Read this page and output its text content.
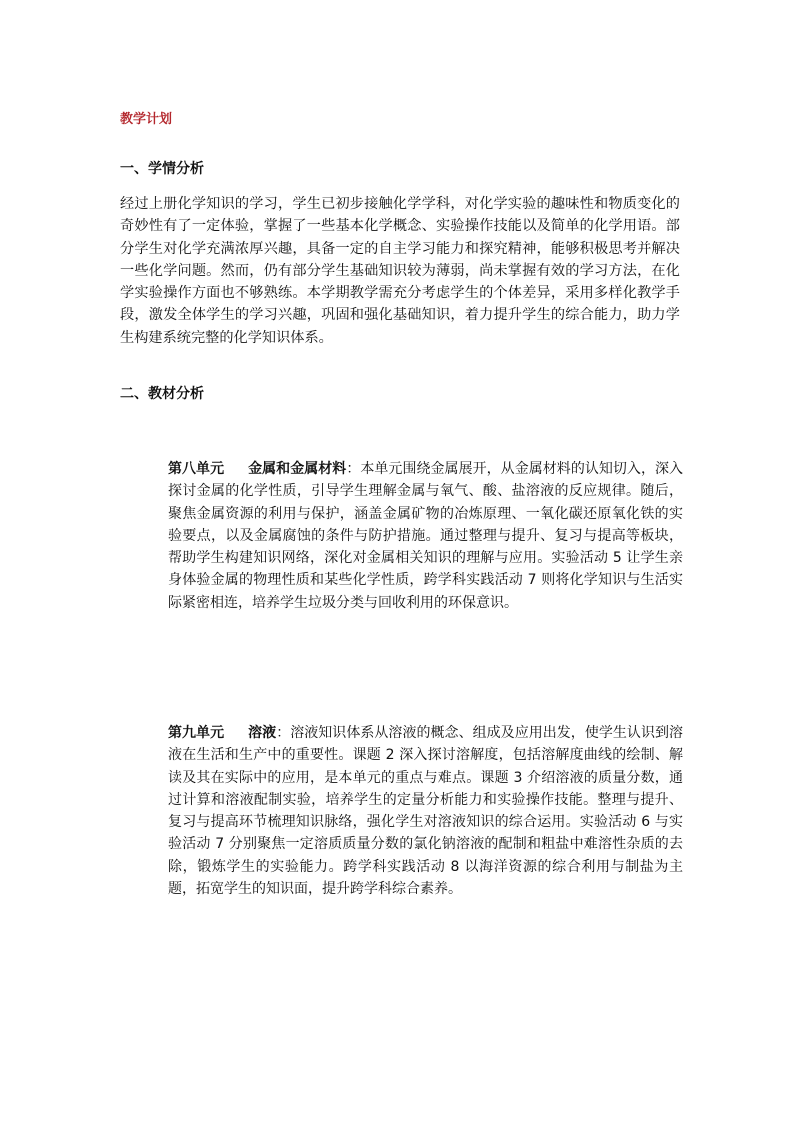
教学计划
一、学情分析

经过上册化学知识的学习，学生已初步接触化学学科，对化学实验的趣味性和物质变化的奇妙性有了一定体验，掌握了一些基本化学概念、实验操作技能以及简单的化学用语。部分学生对化学充满浓厚兴趣，具备一定的自主学习能力和探究精神，能够积极思考并解决一些化学问题。然而，仍有部分学生基础知识较为薄弱，尚未掌握有效的学习方法，在化学实验操作方面也不够熟练。本学期教学需充分考虑学生的个体差异，采用多样化教学手段，激发全体学生的学习兴趣，巩固和强化基础知识，着力提升学生的综合能力，助力学生构建系统完整的化学知识体系。

二、教材分析

第八单元 金属和金属材料：本单元围绕金属展开，从金属材料的认知切入，深入探讨金属的化学性质，引导学生理解金属与氧气、酸、盐溶液的反应规律。随后，聚焦金属资源的利用与保护，涵盖金属矿物的冶炼原理、一氧化碳还原氧化铁的实验要点，以及金属腐蚀的条件与防护措施。通过整理与提升、复习与提高等板块，帮助学生构建知识网络，深化对金属相关知识的理解与应用。实验活动 5 让学生亲身体验金属的物理性质和某些化学性质，跨学科实践活动 7 则将化学知识与生活实际紧密相连，培养学生垃圾分类与回收利用的环保意识。

第九单元 溶液：溶液知识体系从溶液的概念、组成及应用出发，使学生认识到溶液在生活和生产中的重要性。课题 2 深入探讨溶解度，包括溶解度曲线的绘制、解读及其在实际中的应用，是本单元的重点与难点。课题 3 介绍溶液的质量分数，通过计算和溶液配制实验，培养学生的定量分析能力和实验操作技能。整理与提升、复习与提高环节梳理知识脉络，强化学生对溶液知识的综合运用。实验活动 6 与实验活动 7 分别聚焦一定溶质质量分数的氯化钠溶液的配制和粗盐中难溶性杂质的去除，锻炼学生的实验能力。跨学科实践活动 8 以海洋资源的综合利用与制盐为主题，拓宽学生的知识面，提升跨学科综合素养。
